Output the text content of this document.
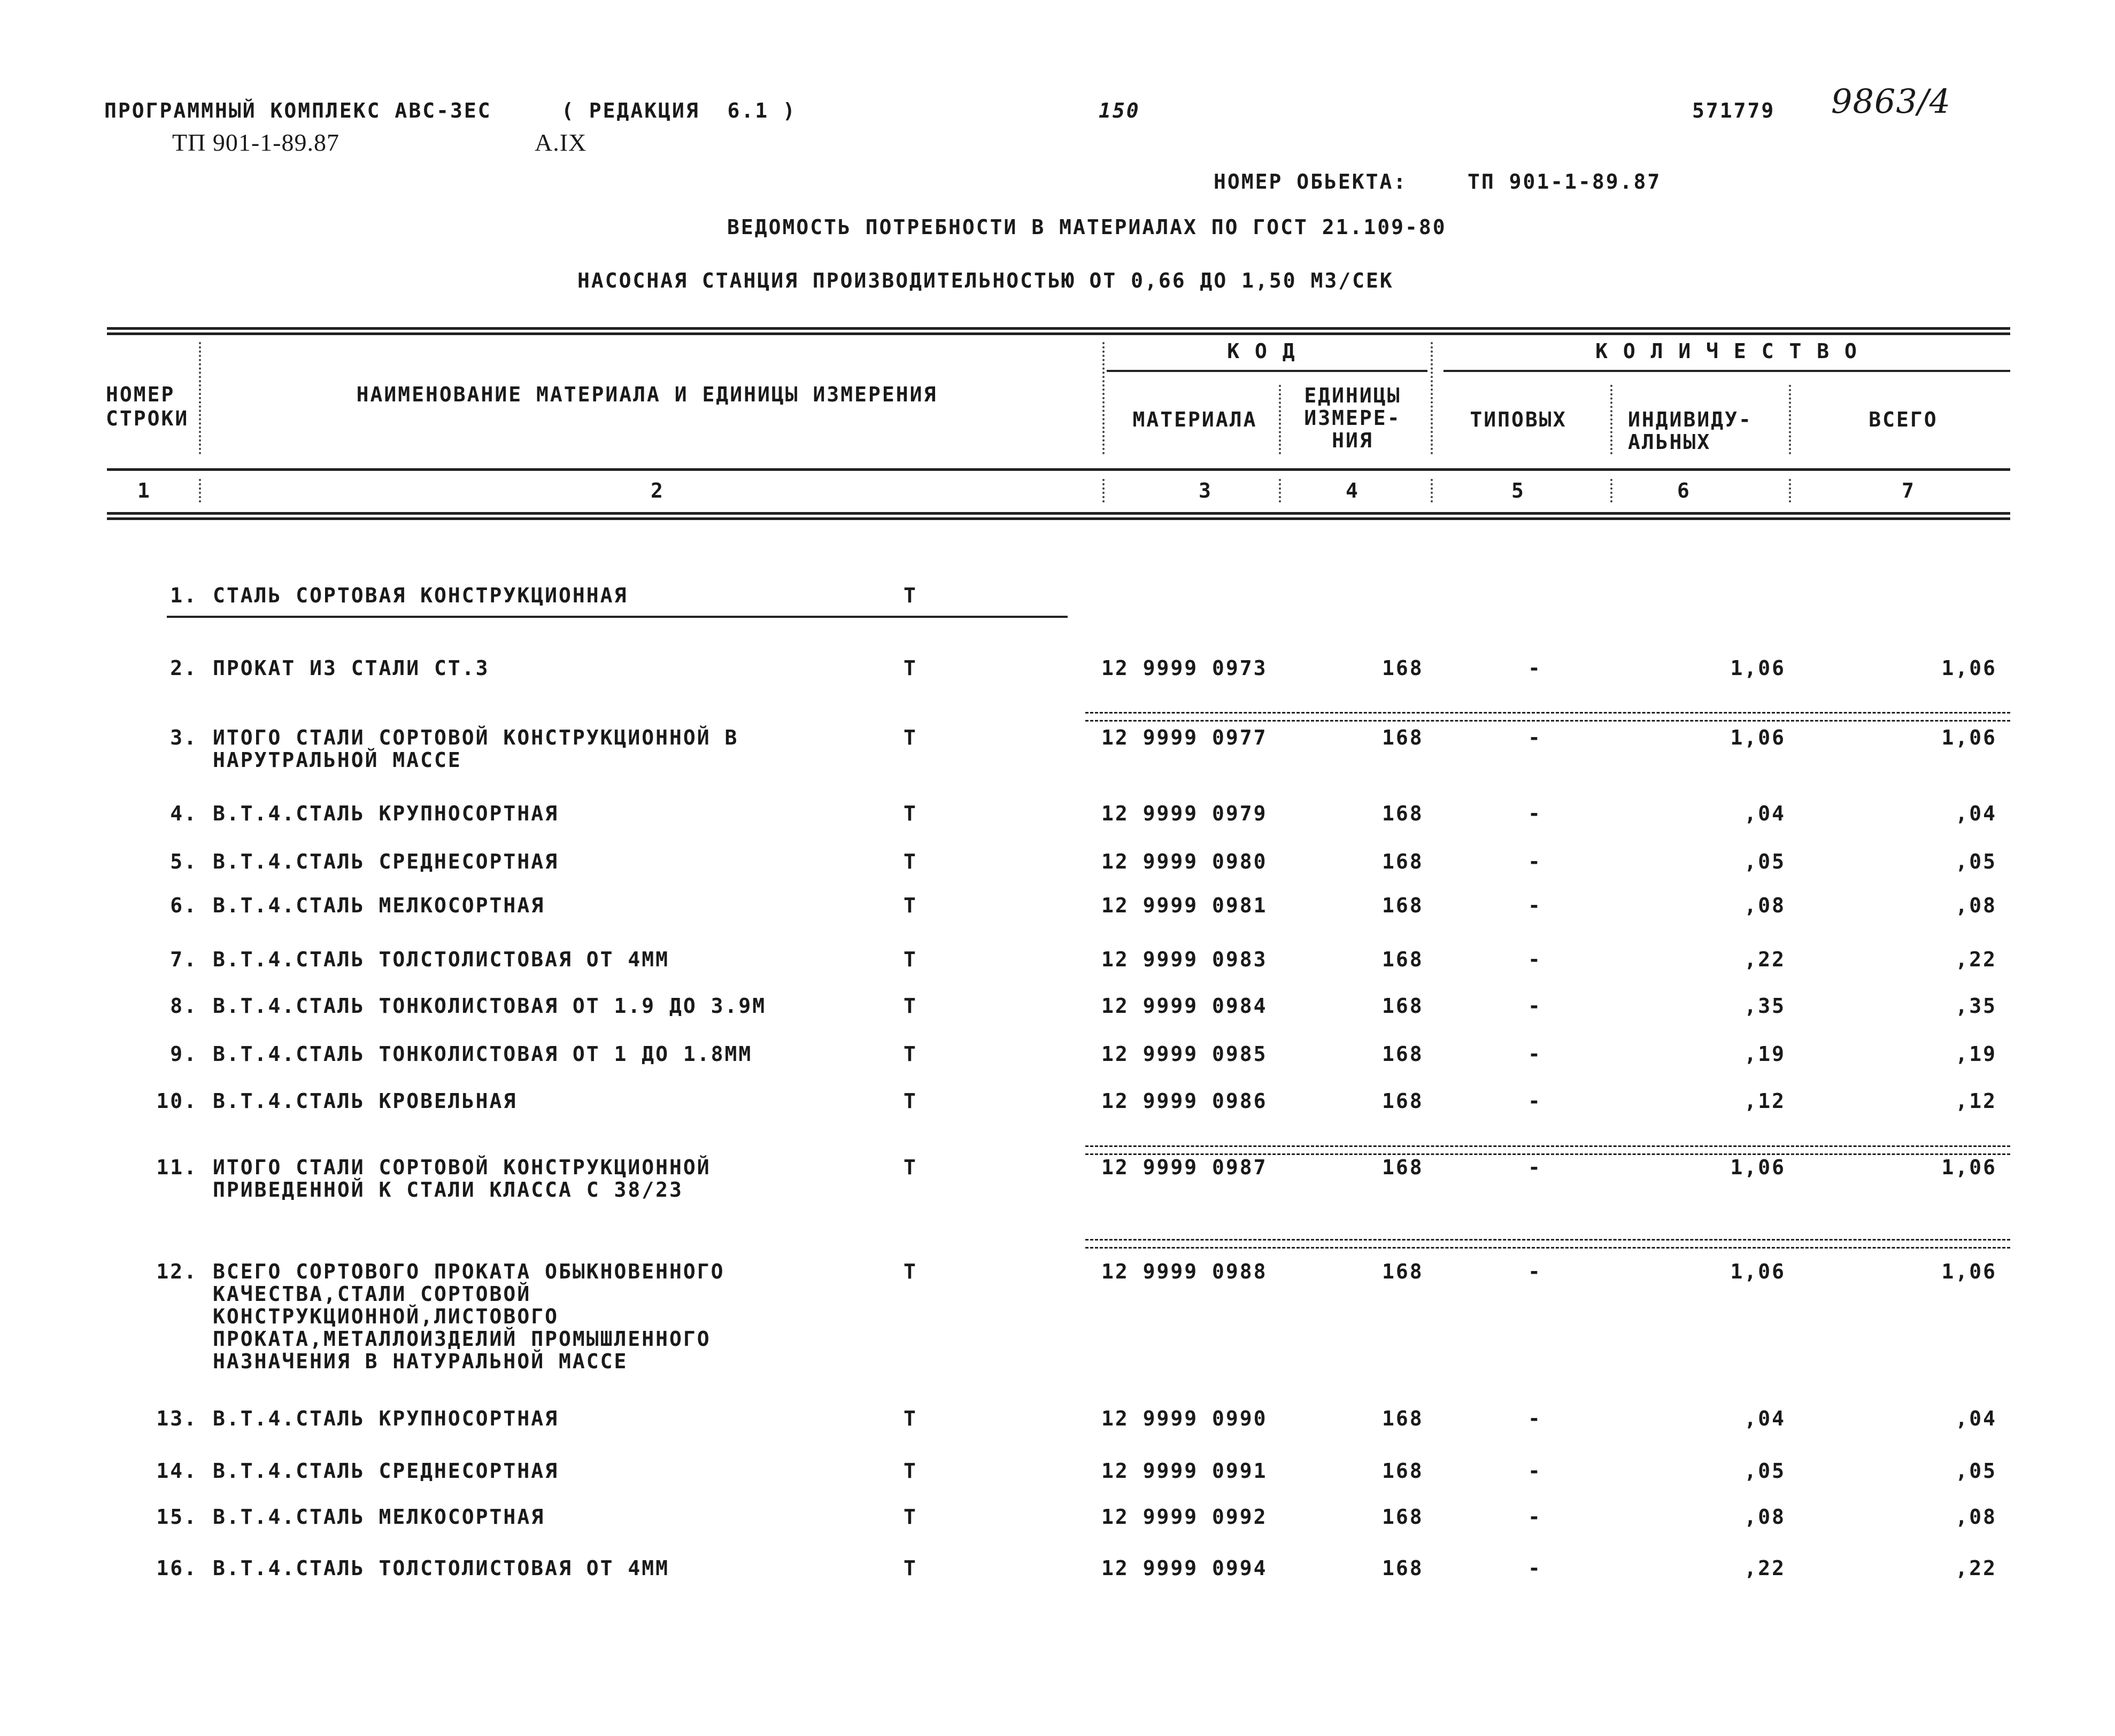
ПРОГРАММНЫЙ КОМПЛЕКС АВС-3ЕС	( РЕДАКЦИЯ  6.1 )	150	571779 9863/4
ТП 901-1-89.87	А.IX
НОМЕР ОБЬЕКТА:	ТП 901-1-89.87
ВЕДОМОСТЬ ПОТРЕБНОСТИ В МАТЕРИАЛАХ ПО ГОСТ 21.109-80
НАСОСНАЯ СТАНЦИЯ ПРОИЗВОДИТЕЛЬНОСТЬЮ ОТ 0,66 ДО 1,50 М3/СЕК
К О Д	К О Л И Ч Е С Т В О
НОМЕР
СТРОКИ
НАИМЕНОВАНИЕ МАТЕРИАЛА И ЕДИНИЦЫ ИЗМЕРЕНИЯ
МАТЕРИАЛА
ЕДИНИЦЫ
ИЗМЕРЕ-
НИЯ
ТИПОВЫХ	ИНДИВИДУ-
АЛЬНЫХ
ВСЕГО
1	2	3	4	5	6	7
1. СТАЛЬ СОРТОВАЯ КОНСТРУКЦИОННАЯ	Т
2. ПРОКАТ ИЗ СТАЛИ СТ.3	Т	12 9999 0973	168	-	1,06	1,06
3. ИТОГО СТАЛИ СОРТОВОЙ КОНСТРУКЦИОННОЙ В
НАРУТРАЛЬНОЙ МАССЕ
Т	12 9999 0977	168	-	1,06	1,06
4. В.Т.4.СТАЛЬ КРУПНОСОРТНАЯ	Т	12 9999 0979	168	-	,04	,04
5. В.Т.4.СТАЛЬ СРЕДНЕСОРТНАЯ	Т	12 9999 0980	168	-	,05	,05
6. В.Т.4.СТАЛЬ МЕЛКОСОРТНАЯ	Т	12 9999 0981	168	-	,08	,08
7. В.Т.4.СТАЛЬ ТОЛСТОЛИСТОВАЯ ОТ 4ММ	Т	12 9999 0983	168	-	,22	,22
8. В.Т.4.СТАЛЬ ТОНКОЛИСТОВАЯ ОТ 1.9 ДО 3.9М	Т	12 9999 0984	168	-	,35	,35
9. В.Т.4.СТАЛЬ ТОНКОЛИСТОВАЯ ОТ 1 ДО 1.8ММ	Т	12 9999 0985	168	-	,19	,19
10. В.Т.4.СТАЛЬ КРОВЕЛЬНАЯ	Т	12 9999 0986	168	-	,12	,12
11. ИТОГО СТАЛИ СОРТОВОЙ КОНСТРУКЦИОННОЙ
ПРИВЕДЕННОЙ К СТАЛИ КЛАССА С 38/23
Т	12 9999 0987	168	-	1,06	1,06
12. ВСЕГО СОРТОВОГО ПРОКАТА ОБЫКНОВЕННОГО
КАЧЕСТВА,СТАЛИ СОРТОВОЙ
КОНСТРУКЦИОННОЙ,ЛИСТОВОГО
ПРОКАТА,МЕТАЛЛОИЗДЕЛИЙ ПРОМЫШЛЕННОГО
НАЗНАЧЕНИЯ В НАТУРАЛЬНОЙ МАССЕ
Т	12 9999 0988	168	-	1,06	1,06
13. В.Т.4.СТАЛЬ КРУПНОСОРТНАЯ	Т	12 9999 0990	168	-	,04	,04
14. В.Т.4.СТАЛЬ СРЕДНЕСОРТНАЯ	Т	12 9999 0991	168	-	,05	,05
15. В.Т.4.СТАЛЬ МЕЛКОСОРТНАЯ	Т	12 9999 0992	168	-	,08	,08
16. В.Т.4.СТАЛЬ ТОЛСТОЛИСТОВАЯ ОТ 4ММ	Т	12 9999 0994	168	-	,22	,22
